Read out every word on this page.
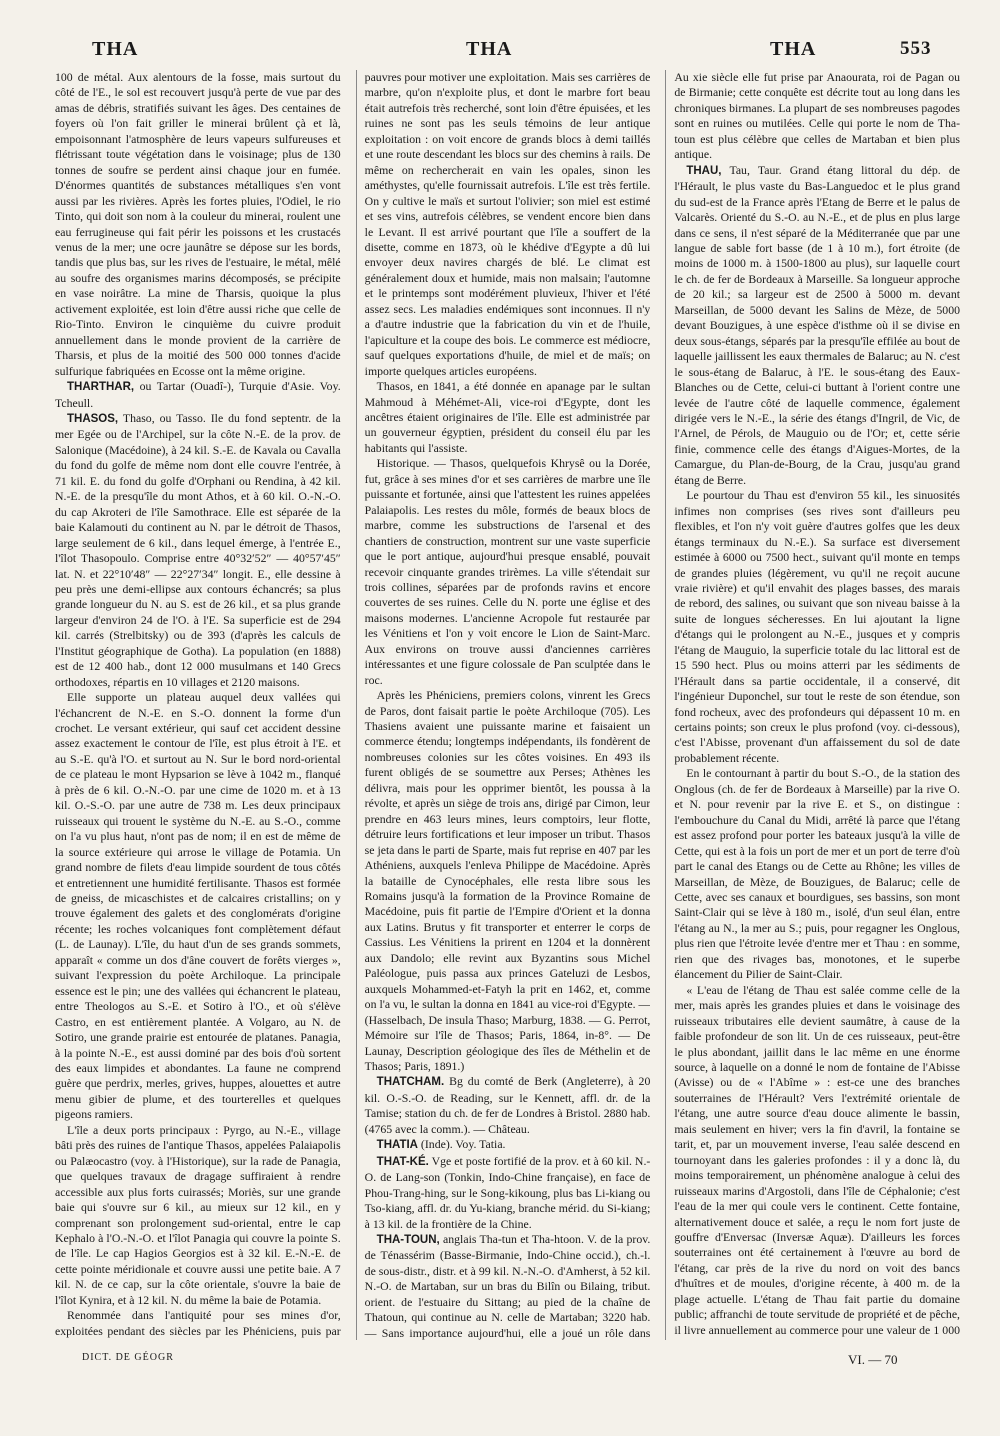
THA	THA	THA	553

100 de métal. Aux alentours de la fosse, mais surtout du côté de l'E., le sol est recouvert jusqu'à perte de vue par des amas de débris, stratifiés suivant les âges. Des centaines de foyers où l'on fait griller le minerai brûlent çà et là, empoisonnant l'atmosphère de leurs vapeurs sulfureuses et flétrissant toute végétation dans le voisinage; plus de 130 tonnes de soufre se perdent ainsi chaque jour en fumée. D'énormes quantités de substances métalliques s'en vont aussi par les rivières. Après les fortes pluies, l'Odiel, le rio Tinto, qui doit son nom à la couleur du minerai, roulent une eau ferrugineuse qui fait périr les poissons et les crustacés venus de la mer; une ocre jaunâtre se dépose sur les bords, tandis que plus bas, sur les rives de l'estuaire, le métal, mêlé au soufre des organismes marins décomposés, se précipite en vase noirâtre. La mine de Tharsis, quoique la plus activement exploitée, est loin d'être aussi riche que celle de Rio-Tinto. Environ le cinquième du cuivre produit annuellement dans le monde provient de la carrière de Tharsis, et plus de la moitié des 500 000 tonnes d'acide sulfurique fabriquées en Ecosse ont la même origine.

THARTHAR, ou Tartar (Ouadî-), Turquie d'Asie. Voy. Tcheull.

THASOS, Thaso, ou Tasso. Ile du fond septentr. de la mer Egée ou de l'Archipel, sur la côte N.-E. de la prov. de Salonique (Macédoine), à 24 kil. S.-E. de Kavala ou Cavalla du fond du golfe de même nom dont elle couvre l'entrée, à 71 kil. E. du fond du golfe d'Orphani ou Rendina, à 42 kil. N.-E. de la presqu'île du mont Athos, et à 60 kil. O.-N.-O. du cap Akroteri de l'île Samothrace. Elle est séparée de la baie Kalamouti du continent au N. par le détroit de Thasos, large seulement de 6 kil., dans lequel émerge, à l'entrée E., l'îlot Thasopoulo. Comprise entre 40°32′52″ — 40°57′45″ lat. N. et 22°10′48″ — 22°27′34″ longit. E., elle dessine à peu près une demi-ellipse aux contours échancrés; sa plus grande longueur du N. au S. est de 26 kil., et sa plus grande largeur d'environ 24 de l'O. à l'E. Sa superficie est de 294 kil. carrés (Strelbitsky) ou de 393 (d'après les calculs de l'Institut géographique de Gotha). La population (en 1888) est de 12 400 hab., dont 12 000 musulmans et 140 Grecs orthodoxes, répartis en 10 villages et 2120 maisons.

Elle supporte un plateau auquel deux vallées qui l'échancrent de N.-E. en S.-O. donnent la forme d'un crochet. Le versant extérieur, qui sauf cet accident dessine assez exactement le contour de l'île, est plus étroit à l'E. et au S.-E. qu'à l'O. et surtout au N. Sur le bord nord-oriental de ce plateau le mont Hypsarion se lève à 1042 m., flanqué à près de 6 kil. O.-N.-O. par une cime de 1020 m. et à 13 kil. O.-S.-O. par une autre de 738 m. Les deux principaux ruisseaux qui trouent le système du N.-E. au S.-O., comme on l'a vu plus haut, n'ont pas de nom; il en est de même de la source extérieure qui arrose le village de Potamia. Un grand nombre de filets d'eau limpide sourdent de tous côtés et entretiennent une humidité fertilisante. Thasos est formée de gneiss, de micaschistes et de calcaires cristallins; on y trouve également des galets et des conglomérats d'origine récente; les roches volcaniques font complètement défaut (L. de Launay). L'île, du haut d'un de ses grands sommets, apparaît « comme un dos d'âne couvert de forêts vierges », suivant l'expression du poète Archiloque. La principale essence est le pin; une des vallées qui échancrent le plateau, entre Theologos au S.-E. et Sotiro à l'O., et où s'élève Castro, en est entièrement plantée. A Volgaro, au N. de Sotiro, une grande prairie est entourée de platanes. Panagia, à la pointe N.-E., est aussi dominé par des bois d'où sortent des eaux limpides et abondantes. La faune ne comprend guère que perdrix, merles, grives, huppes, alouettes et autre menu gibier de plume, et des tourterelles et quelques pigeons ramiers.

L'île a deux ports principaux : Pyrgo, au N.-E., village bâti près des ruines de l'antique Thasos, appelées Palaiapolis ou Palæocastro (voy. à l'Historique), sur la rade de Panagia, que quelques travaux de dragage suffiraient à rendre accessible aux plus forts cuirassés; Moriès, sur une grande baie qui s'ouvre sur 6 kil., au mieux sur 12 kil., en y comprenant son prolongement sud-oriental, entre le cap Kephalo à l'O.-N.-O. et l'îlot Panagia qui couvre la pointe S. de l'île. Le cap Hagios Georgios est à 32 kil. E.-N.-E. de cette pointe méridionale et couvre aussi une petite baie. A 7 kil. N. de ce cap, sur la côte orientale, s'ouvre la baie de l'îlot Kynira, et à 12 kil. N. du même la baie de Potamia.

Renommée dans l'antiquité pour ses mines d'or, exploitées pendant des siècles par les Phéniciens, puis par

pauvres pour motiver une exploitation. Mais ses carrières de marbre, qu'on n'exploite plus, et dont le marbre fort beau était autrefois très recherché, sont loin d'être épuisées, et les ruines ne sont pas les seuls témoins de leur antique exploitation : on voit encore de grands blocs à demi taillés et une route descendant les blocs sur des chemins à rails. De même on rechercherait en vain les opales, sinon les améthystes, qu'elle fournissait autrefois. L'île est très fertile. On y cultive le maïs et surtout l'olivier; son miel est estimé et ses vins, autrefois célèbres, se vendent encore bien dans le Levant. Il est arrivé pourtant que l'île a souffert de la disette, comme en 1873, où le khédive d'Egypte a dû lui envoyer deux navires chargés de blé. Le climat est généralement doux et humide, mais non malsain; l'automne et le printemps sont modérément pluvieux, l'hiver et l'été assez secs. Les maladies endémiques sont inconnues. Il n'y a d'autre industrie que la fabrication du vin et de l'huile, l'apiculture et la coupe des bois. Le commerce est médiocre, sauf quelques exportations d'huile, de miel et de maïs; on importe quelques articles européens.

Thasos, en 1841, a été donnée en apanage par le sultan Mahmoud à Méhémet-Ali, vice-roi d'Egypte, dont les ancêtres étaient originaires de l'île. Elle est administrée par un gouverneur égyptien, président du conseil élu par les habitants qui l'assiste.

Historique. — Thasos, quelquefois Khrysê ou la Dorée, fut, grâce à ses mines d'or et ses carrières de marbre une île puissante et fortunée, ainsi que l'attestent les ruines appelées Palaiapolis. Les restes du môle, formés de beaux blocs de marbre, comme les substructions de l'arsenal et des chantiers de construction, montrent sur une vaste superficie que le port antique, aujourd'hui presque ensablé, pouvait recevoir cinquante grandes trirèmes. La ville s'étendait sur trois collines, séparées par de profonds ravins et encore couvertes de ses ruines. Celle du N. porte une église et des maisons modernes. L'ancienne Acropole fut restaurée par les Vénitiens et l'on y voit encore le Lion de Saint-Marc. Aux environs on trouve aussi d'anciennes carrières intéressantes et une figure colossale de Pan sculptée dans le roc.

Après les Phéniciens, premiers colons, vinrent les Grecs de Paros, dont faisait partie le poète Archiloque (705). Les Thasiens avaient une puissante marine et faisaient un commerce étendu; longtemps indépendants, ils fondèrent de nombreuses colonies sur les côtes voisines. En 493 ils furent obligés de se soumettre aux Perses; Athènes les délivra, mais pour les opprimer bientôt, les poussa à la révolte, et après un siège de trois ans, dirigé par Cimon, leur prendre en 463 leurs mines, leurs comptoirs, leur flotte, détruire leurs fortifications et leur imposer un tribut. Thasos se jeta dans le parti de Sparte, mais fut reprise en 407 par les Athéniens, auxquels l'enleva Philippe de Macédoine. Après la bataille de Cynocéphales, elle resta libre sous les Romains jusqu'à la formation de la Province Romaine de Macédoine, puis fit partie de l'Empire d'Orient et la donna aux Latins. Brutus y fit transporter et enterrer le corps de Cassius. Les Vénitiens la prirent en 1204 et la donnèrent aux Dandolo; elle revint aux Byzantins sous Michel Paléologue, puis passa aux princes Gateluzi de Lesbos, auxquels Mohammed-et-Fatyh la prit en 1462, et, comme on l'a vu, le sultan la donna en 1841 au vice-roi d'Egypte. — (Hasselbach, De insula Thaso; Marburg, 1838. — G. Perrot, Mémoire sur l'île de Thasos; Paris, 1864, in-8°. — De Launay, Description géologique des îles de Méthelin et de Thasos; Paris, 1891.)

THATCHAM. Bg du comté de Berk (Angleterre), à 20 kil. O.-S.-O. de Reading, sur le Kennett, affl. dr. de la Tamise; station du ch. de fer de Londres à Bristol. 2880 hab. (4765 avec la comm.). — Château.

THATIA (Inde). Voy. Tatia.

THAT-KÉ. Vge et poste fortifié de la prov. et à 60 kil. N.-O. de Lang-son (Tonkin, Indo-Chine française), en face de Phou-Trang-hing, sur le Song-kikoung, plus bas Li-kiang ou Tso-kiang, affl. dr. du Yu-kiang, branche mérid. du Si-kiang; à 13 kil. de la frontière de la Chine.

THA-TOUN, anglais Tha-tun et Tha-htoon. V. de la prov. de Ténassérim (Basse-Birmanie, Indo-Chine occid.), ch.-l. de sous-distr., distr. et à 99 kil. N.-N.-O. d'Amherst, à 52 kil. N.-O. de Martaban, sur un bras du Bilîn ou Bilaing, tribut. orient. de l'estuaire du Sittang; au pied de la chaîne de Thatoun, qui continue au N. celle de Martaban; 3220 hab. — Sans importance aujourd'hui, elle a joué un rôle dans

Au xie siècle elle fut prise par Anaourata, roi de Pagan ou de Birmanie; cette conquête est décrite tout au long dans les chroniques birmanes. La plupart de ses nombreuses pagodes sont en ruines ou mutilées. Celle qui porte le nom de Tha-toun est plus célèbre que celles de Martaban et bien plus antique.

THAU, Tau, Taur. Grand étang littoral du dép. de l'Hérault, le plus vaste du Bas-Languedoc et le plus grand du sud-est de la France après l'Etang de Berre et le palus de Valcarès. Orienté du S.-O. au N.-E., et de plus en plus large dans ce sens, il n'est séparé de la Méditerranée que par une langue de sable fort basse (de 1 à 10 m.), fort étroite (de moins de 1000 m. à 1500-1800 au plus), sur laquelle court le ch. de fer de Bordeaux à Marseille. Sa longueur approche de 20 kil.; sa largeur est de 2500 à 5000 m. devant Marseillan, de 5000 devant les Salins de Mèze, de 5000 devant Bouzigues, à une espèce d'isthme où il se divise en deux sous-étangs, séparés par la presqu'île effilée au bout de laquelle jaillissent les eaux thermales de Balaruc; au N. c'est le sous-étang de Balaruc, à l'E. le sous-étang des Eaux-Blanches ou de Cette, celui-ci buttant à l'orient contre une levée de l'autre côté de laquelle commence, également dirigée vers le N.-E., la série des étangs d'Ingril, de Vic, de l'Arnel, de Pérols, de Mauguio ou de l'Or; et, cette série finie, commence celle des étangs d'Aigues-Mortes, de la Camargue, du Plan-de-Bourg, de la Crau, jusqu'au grand étang de Berre.

Le pourtour du Thau est d'environ 55 kil., les sinuosités infimes non comprises (ses rives sont d'ailleurs peu flexibles, et l'on n'y voit guère d'autres golfes que les deux étangs terminaux du N.-E.). Sa surface est diversement estimée à 6000 ou 7500 hect., suivant qu'il monte en temps de grandes pluies (légèrement, vu qu'il ne reçoit aucune vraie rivière) et qu'il envahit des plages basses, des marais de rebord, des salines, ou suivant que son niveau baisse à la suite de longues sécheresses. En lui ajoutant la ligne d'étangs qui le prolongent au N.-E., jusques et y compris l'étang de Mauguio, la superficie totale du lac littoral est de 15 590 hect. Plus ou moins atterri par les sédiments de l'Hérault dans sa partie occidentale, il a conservé, dit l'ingénieur Duponchel, sur tout le reste de son étendue, son fond rocheux, avec des profondeurs qui dépassent 10 m. en certains points; son creux le plus profond (voy. ci-dessous), c'est l'Abisse, provenant d'un affaissement du sol de date probablement récente.

En le contournant à partir du bout S.-O., de la station des Onglous (ch. de fer de Bordeaux à Marseille) par la rive O. et N. pour revenir par la rive E. et S., on distingue : l'embouchure du Canal du Midi, arrêté là parce que l'étang est assez profond pour porter les bateaux jusqu'à la ville de Cette, qui est à la fois un port de mer et un port de terre d'où part le canal des Etangs ou de Cette au Rhône; les villes de Marseillan, de Mèze, de Bouzigues, de Balaruc; celle de Cette, avec ses canaux et bourdigues, ses bassins, son mont Saint-Clair qui se lève à 180 m., isolé, d'un seul élan, entre l'étang au N., la mer au S.; puis, pour regagner les Onglous, plus rien que l'étroite levée d'entre mer et Thau : en somme, rien que des rivages bas, monotones, et le superbe élancement du Pilier de Saint-Clair.

« L'eau de l'étang de Thau est salée comme celle de la mer, mais après les grandes pluies et dans le voisinage des ruisseaux tributaires elle devient saumâtre, à cause de la faible profondeur de son lit. Un de ces ruisseaux, peut-être le plus abondant, jaillit dans le lac même en une énorme source, à laquelle on a donné le nom de fontaine de l'Abisse (Avisse) ou de « l'Abîme » : est-ce une des branches souterraines de l'Hérault? Vers l'extrémité orientale de l'étang, une autre source d'eau douce alimente le bassin, mais seulement en hiver; vers la fin d'avril, la fontaine se tarit, et, par un mouvement inverse, l'eau salée descend en tournoyant dans les galeries profondes : il y a donc là, du moins temporairement, un phénomène analogue à celui des ruisseaux marins d'Argostoli, dans l'île de Céphalonie; c'est l'eau de la mer qui coule vers le continent. Cette fontaine, alternativement douce et salée, a reçu le nom fort juste de gouffre d'Enversac (Inversæ Aquæ). D'ailleurs les forces souterraines ont été certainement à l'œuvre au bord de l'étang, car près de la rive du nord on voit des bancs d'huîtres et de moules, d'origine récente, à 400 m. de la plage actuelle. L'étang de Thau fait partie du domaine public; affranchi de toute servitude de propriété et de pêche, il livre annuellement au commerce pour une valeur de 1 000

DICT. DE GÉOGR	VI. — 70
